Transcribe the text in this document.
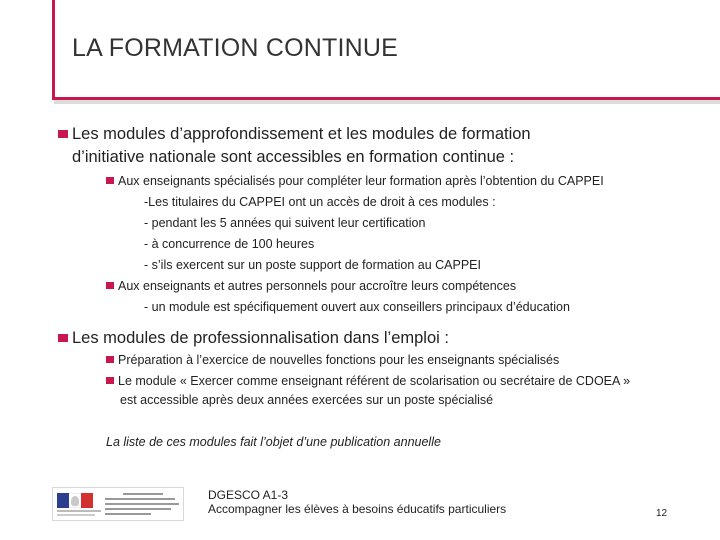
LA FORMATION CONTINUE
Les modules d’approfondissement et les modules de formation
d’initiative nationale sont accessibles en formation continue :
Aux enseignants spécialisés pour compléter leur formation après l’obtention du CAPPEI
-Les titulaires du CAPPEI ont un accès de droit à ces modules :
- pendant les 5 années qui suivent leur certification
- à concurrence de 100 heures
- s’ils exercent sur un poste support de formation au CAPPEI
Aux enseignants et autres personnels pour accroître leurs compétences
- un module est spécifiquement ouvert aux conseillers principaux d’éducation
Les modules de professionnalisation dans l’emploi :
Préparation à l’exercice de nouvelles fonctions pour les enseignants spécialisés
Le module « Exercer comme enseignant référent de scolarisation ou secrétaire de CDOEA »
est accessible après deux années exercées sur un poste spécialisé
La liste de ces modules fait l’objet d’une publication annuelle
DGESCO A1-3
Accompagner les élèves à besoins éducatifs particuliers	12
